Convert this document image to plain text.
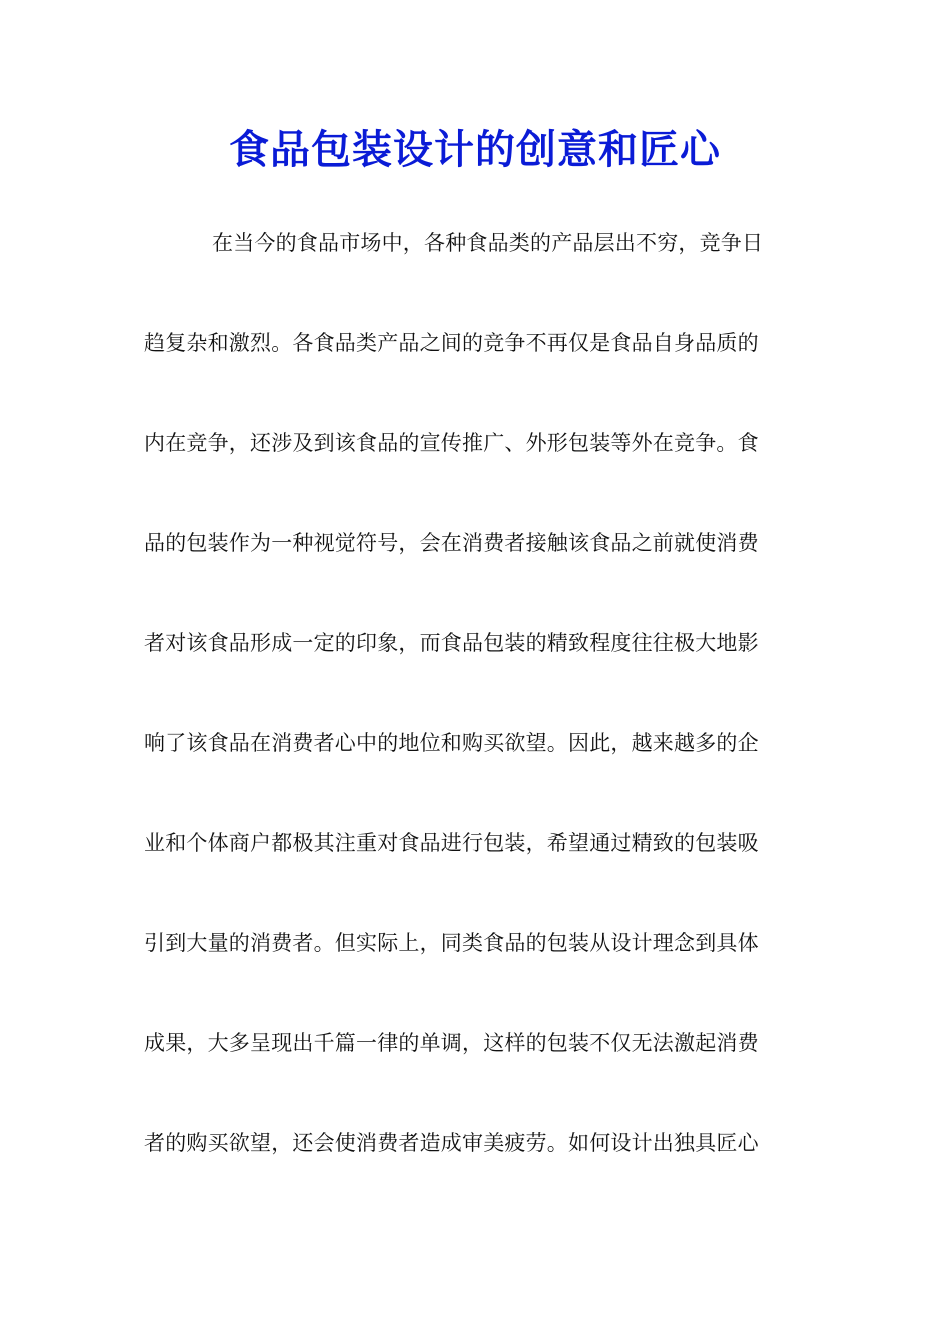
食品包装设计的创意和匠心
在当今的食品市场中，各种食品类的产品层出不穷，竞争日
趋复杂和激烈。各食品类产品之间的竞争不再仅是食品自身品质的
内在竞争，还涉及到该食品的宣传推广、外形包装等外在竞争。食
品的包装作为一种视觉符号，会在消费者接触该食品之前就使消费
者对该食品形成一定的印象，而食品包装的精致程度往往极大地影
响了该食品在消费者心中的地位和购买欲望。因此，越来越多的企
业和个体商户都极其注重对食品进行包装，希望通过精致的包装吸
引到大量的消费者。但实际上，同类食品的包装从设计理念到具体
成果，大多呈现出千篇一律的单调，这样的包装不仅无法激起消费
者的购买欲望，还会使消费者造成审美疲劳。如何设计出独具匠心
